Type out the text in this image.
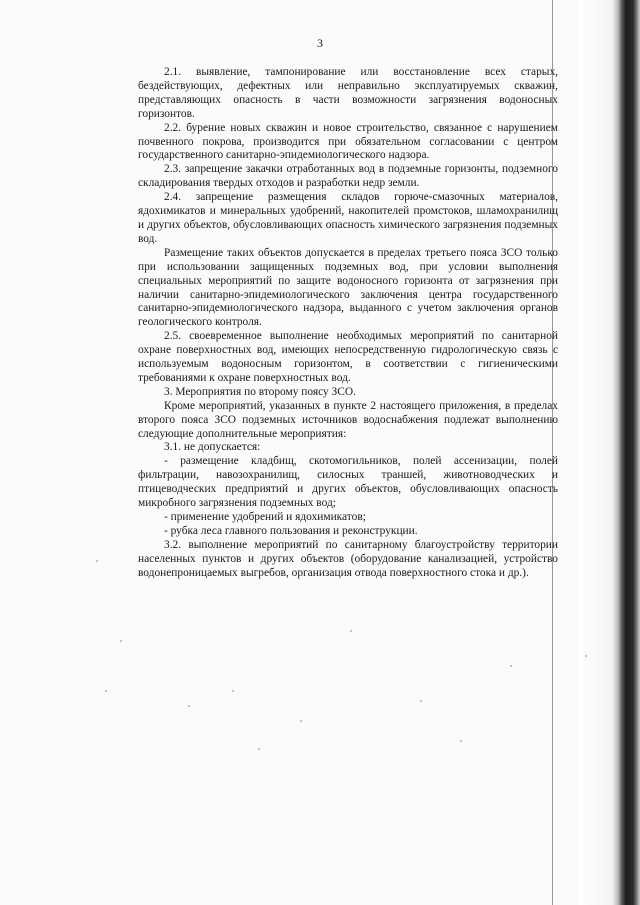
3

2.1. выявление, тампонирование или восстановление всех старых, бездействующих, дефектных или неправильно эксплуатируемых скважин, представляющих опасность в части возможности загрязнения водоносных горизонтов.

2.2. бурение новых скважин и новое строительство, связанное с нарушением почвенного покрова, производится при обязательном согласовании с центром государственного санитарно-эпидемиологического надзора.

2.3. запрещение закачки отработанных вод в подземные горизонты, подземного складирования твердых отходов и разработки недр земли.

2.4. запрещение размещения складов горюче-смазочных материалов, ядохимикатов и минеральных удобрений, накопителей промстоков, шламохранилищ и других объектов, обусловливающих опасность химического загрязнения подземных вод.

Размещение таких объектов допускается в пределах третьего пояса ЗСО только при использовании защищенных подземных вод, при условии выполнения специальных мероприятий по защите водоносного горизонта от загрязнения при наличии санитарно-эпидемиологического заключения центра государственного санитарно-эпидемиологического надзора, выданного с учетом заключения органов геологического контроля.

2.5. своевременное выполнение необходимых мероприятий по санитарной охране поверхностных вод, имеющих непосредственную гидрологическую связь с используемым водоносным горизонтом, в соответствии с гигиеническими требованиями к охране поверхностных вод.

3. Мероприятия по второму поясу ЗСО.

Кроме мероприятий, указанных в пункте 2 настоящего приложения, в пределах второго пояса ЗСО подземных источников водоснабжения подлежат выполнению следующие дополнительные мероприятия:

3.1. не допускается:

- размещение кладбищ, скотомогильников, полей ассенизации, полей фильтрации, навозохранилищ, силосных траншей, животноводческих и птицеводческих предприятий и других объектов, обусловливающих опасность микробного загрязнения подземных вод;

- применение удобрений и ядохимикатов;

- рубка леса главного пользования и реконструкции.

3.2. выполнение мероприятий по санитарному благоустройству территории населенных пунктов и других объектов (оборудование канализацией, устройство водонепроницаемых выгребов, организация отвода поверхностного стока и др.).
